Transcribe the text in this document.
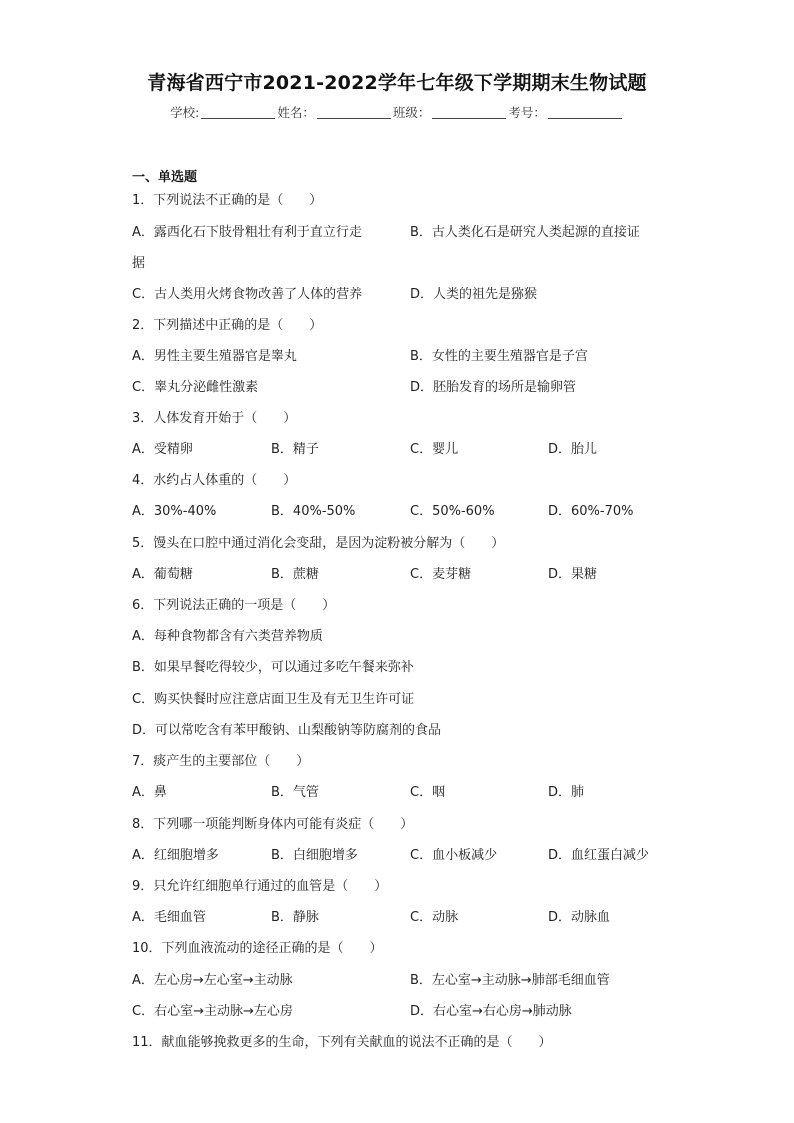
青海省西宁市2021-2022学年七年级下学期期末生物试题
学校:	姓名：	班级：	考号：
一、单选题
1．下列说法不正确的是（　　）
A．露西化石下肢骨粗壮有利于直立行走	B．古人类化石是研究人类起源的直接证
据
C．古人类用火烤食物改善了人体的营养	D．人类的祖先是猕猴
2．下列描述中正确的是（　　）
A．男性主要生殖器官是睾丸	B．女性的主要生殖器官是子宫
C．睾丸分泌雌性激素	D．胚胎发育的场所是输卵管
3．人体发育开始于（　　）
A．受精卵	B．精子	C．婴儿	D．胎儿
4．水约占人体重的（　　）
A．30%-40%	B．40%-50%	C．50%-60%	D．60%-70%
5．馒头在口腔中通过消化会变甜，是因为淀粉被分解为（　　）
A．葡萄糖	B．蔗糖	C．麦芽糖	D．果糖
6．下列说法正确的一项是（　　）
A．每种食物都含有六类营养物质
B．如果早餐吃得较少，可以通过多吃午餐来弥补
C．购买快餐时应注意店面卫生及有无卫生许可证
D．可以常吃含有苯甲酸钠、山梨酸钠等防腐剂的食品
7．痰产生的主要部位（　　）
A．鼻	B．气管	C．咽	D．肺
8．下列哪一项能判断身体内可能有炎症（　　）
A．红细胞增多	B．白细胞增多	C．血小板减少	D．血红蛋白减少
9．只允许红细胞单行通过的血管是（　　）
A．毛细血管	B．静脉	C．动脉	D．动脉血
10．下列血液流动的途径正确的是（　　）
A．左心房→左心室→主动脉	B．左心室→主动脉→肺部毛细血管
C．右心室→主动脉→左心房	D．右心室→右心房→肺动脉
11．献血能够挽救更多的生命，下列有关献血的说法不正确的是（　　）
